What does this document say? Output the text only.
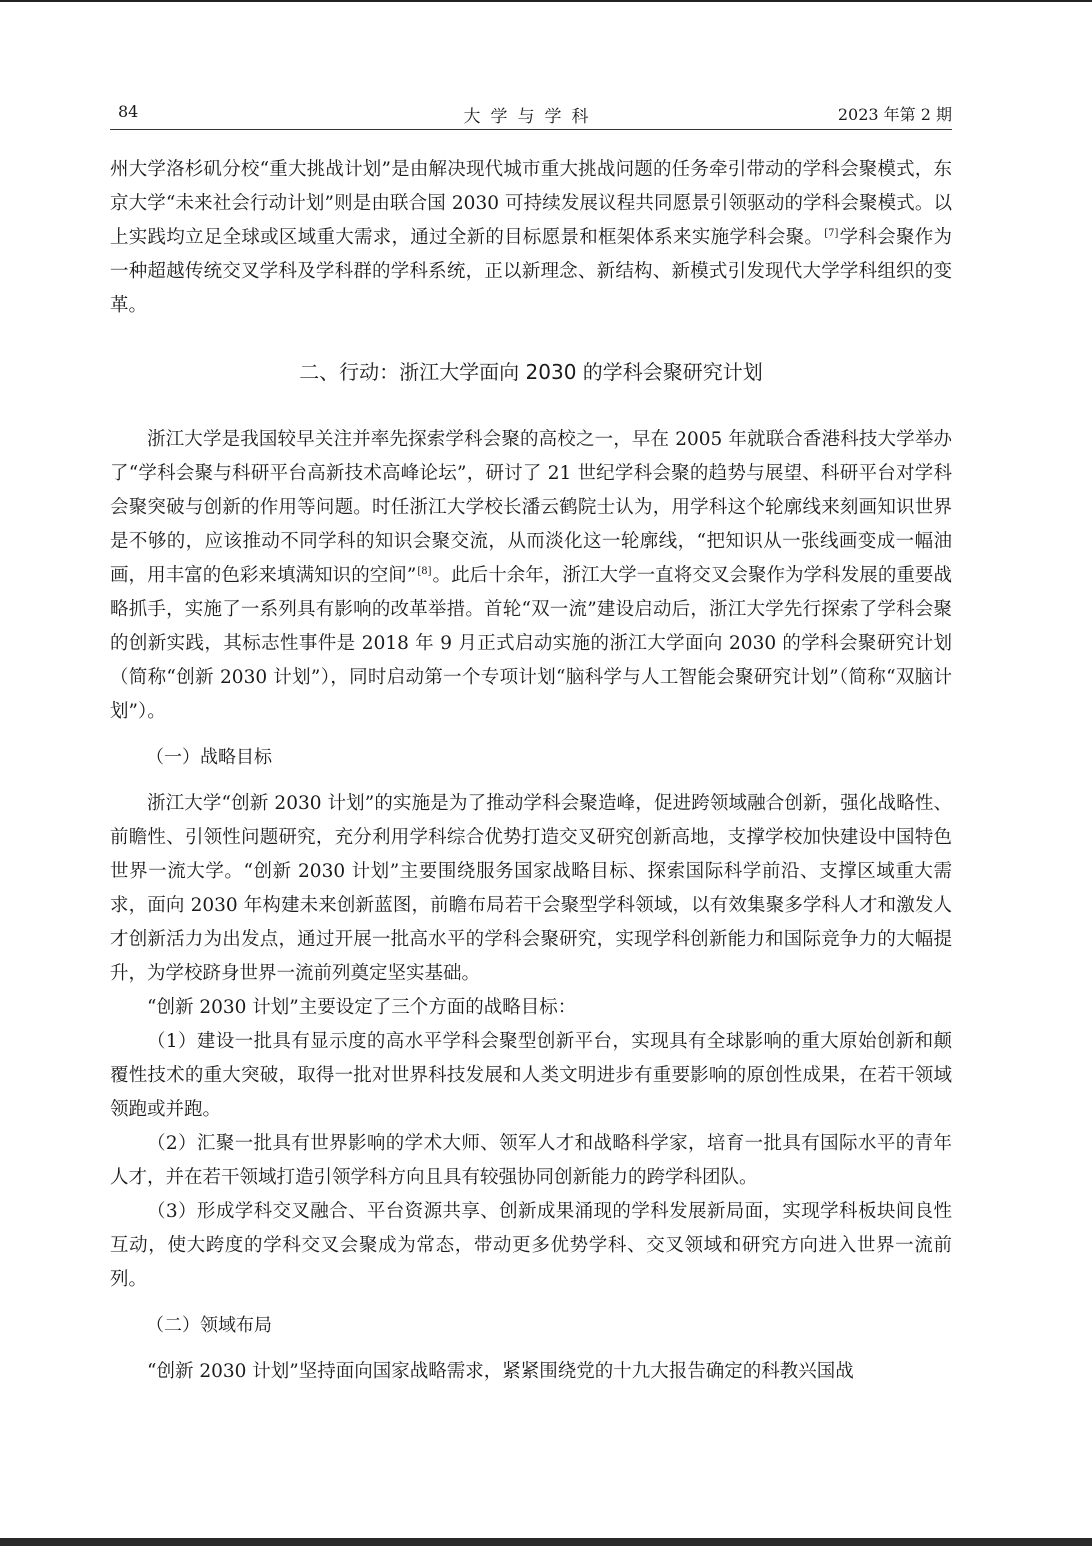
84	大学与学科	2023 年第 2 期

州大学洛杉矶分校“重大挑战计划”是由解决现代城市重大挑战问题的任务牵引带动的学科会聚模式，东京大学“未来社会行动计划”则是由联合国 2030 可持续发展议程共同愿景引领驱动的学科会聚模式。以上实践均立足全球或区域重大需求，通过全新的目标愿景和框架体系来实施学科会聚。[7]学科会聚作为一种超越传统交叉学科及学科群的学科系统，正以新理念、新结构、新模式引发现代大学学科组织的变革。

二、行动：浙江大学面向 2030 的学科会聚研究计划

浙江大学是我国较早关注并率先探索学科会聚的高校之一，早在 2005 年就联合香港科技大学举办了“学科会聚与科研平台高新技术高峰论坛”，研讨了 21 世纪学科会聚的趋势与展望、科研平台对学科会聚突破与创新的作用等问题。时任浙江大学校长潘云鹤院士认为，用学科这个轮廓线来刻画知识世界是不够的，应该推动不同学科的知识会聚交流，从而淡化这一轮廓线，“把知识从一张线画变成一幅油画，用丰富的色彩来填满知识的空间”[8]。此后十余年，浙江大学一直将交叉会聚作为学科发展的重要战略抓手，实施了一系列具有影响的改革举措。首轮“双一流”建设启动后，浙江大学先行探索了学科会聚的创新实践，其标志性事件是 2018 年 9 月正式启动实施的浙江大学面向 2030 的学科会聚研究计划（简称“创新 2030 计划”），同时启动第一个专项计划“脑科学与人工智能会聚研究计划”（简称“双脑计划”）。

（一）战略目标

浙江大学“创新 2030 计划”的实施是为了推动学科会聚造峰，促进跨领域融合创新，强化战略性、前瞻性、引领性问题研究，充分利用学科综合优势打造交叉研究创新高地，支撑学校加快建设中国特色世界一流大学。“创新 2030 计划”主要围绕服务国家战略目标、探索国际科学前沿、支撑区域重大需求，面向 2030 年构建未来创新蓝图，前瞻布局若干会聚型学科领域，以有效集聚多学科人才和激发人才创新活力为出发点，通过开展一批高水平的学科会聚研究，实现学科创新能力和国际竞争力的大幅提升，为学校跻身世界一流前列奠定坚实基础。

“创新 2030 计划”主要设定了三个方面的战略目标：

（1）建设一批具有显示度的高水平学科会聚型创新平台，实现具有全球影响的重大原始创新和颠覆性技术的重大突破，取得一批对世界科技发展和人类文明进步有重要影响的原创性成果，在若干领域领跑或并跑。

（2）汇聚一批具有世界影响的学术大师、领军人才和战略科学家，培育一批具有国际水平的青年人才，并在若干领域打造引领学科方向且具有较强协同创新能力的跨学科团队。

（3）形成学科交叉融合、平台资源共享、创新成果涌现的学科发展新局面，实现学科板块间良性互动，使大跨度的学科交叉会聚成为常态，带动更多优势学科、交叉领域和研究方向进入世界一流前列。

（二）领域布局

“创新 2030 计划”坚持面向国家战略需求，紧紧围绕党的十九大报告确定的科教兴国战
